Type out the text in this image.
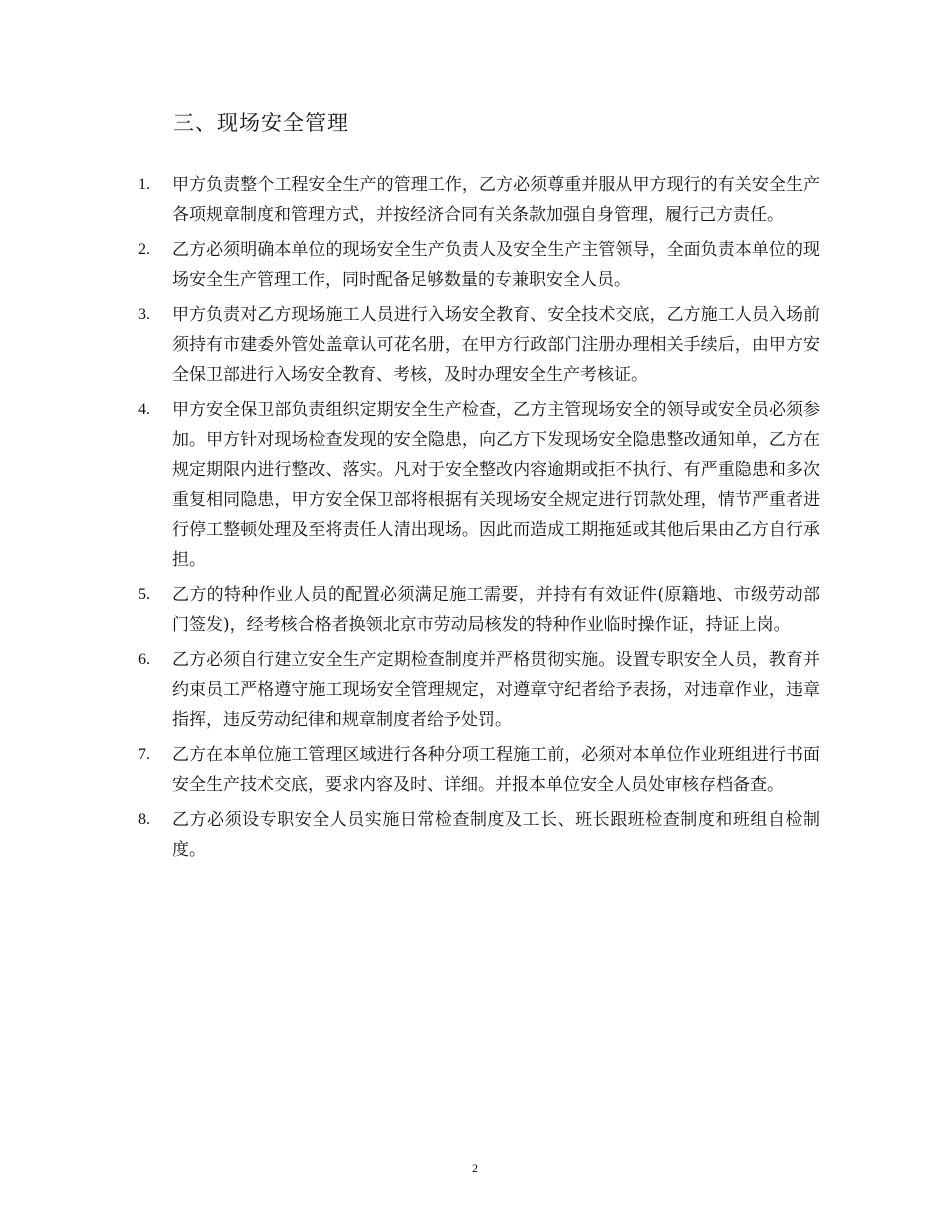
三、现场安全管理
1. 甲方负责整个工程安全生产的管理工作，乙方必须尊重并服从甲方现行的有关安全生产各项规章制度和管理方式，并按经济合同有关条款加强自身管理，履行己方责任。
2. 乙方必须明确本单位的现场安全生产负责人及安全生产主管领导，全面负责本单位的现场安全生产管理工作，同时配备足够数量的专兼职安全人员。
3. 甲方负责对乙方现场施工人员进行入场安全教育、安全技术交底，乙方施工人员入场前须持有市建委外管处盖章认可花名册，在甲方行政部门注册办理相关手续后，由甲方安全保卫部进行入场安全教育、考核，及时办理安全生产考核证。
4. 甲方安全保卫部负责组织定期安全生产检查，乙方主管现场安全的领导或安全员必须参加。甲方针对现场检查发现的安全隐患，向乙方下发现场安全隐患整改通知单，乙方在规定期限内进行整改、落实。凡对于安全整改内容逾期或拒不执行、有严重隐患和多次重复相同隐患，甲方安全保卫部将根据有关现场安全规定进行罚款处理，情节严重者进行停工整顿处理及至将责任人清出现场。因此而造成工期拖延或其他后果由乙方自行承担。
5. 乙方的特种作业人员的配置必须满足施工需要，并持有有效证件(原籍地、市级劳动部门签发)，经考核合格者换领北京市劳动局核发的特种作业临时操作证，持证上岗。
6. 乙方必须自行建立安全生产定期检查制度并严格贯彻实施。设置专职安全人员，教育并约束员工严格遵守施工现场安全管理规定，对遵章守纪者给予表扬，对违章作业，违章指挥，违反劳动纪律和规章制度者给予处罚。
7. 乙方在本单位施工管理区域进行各种分项工程施工前，必须对本单位作业班组进行书面安全生产技术交底，要求内容及时、详细。并报本单位安全人员处审核存档备查。
8. 乙方必须设专职安全人员实施日常检查制度及工长、班长跟班检查制度和班组自检制度。
2
